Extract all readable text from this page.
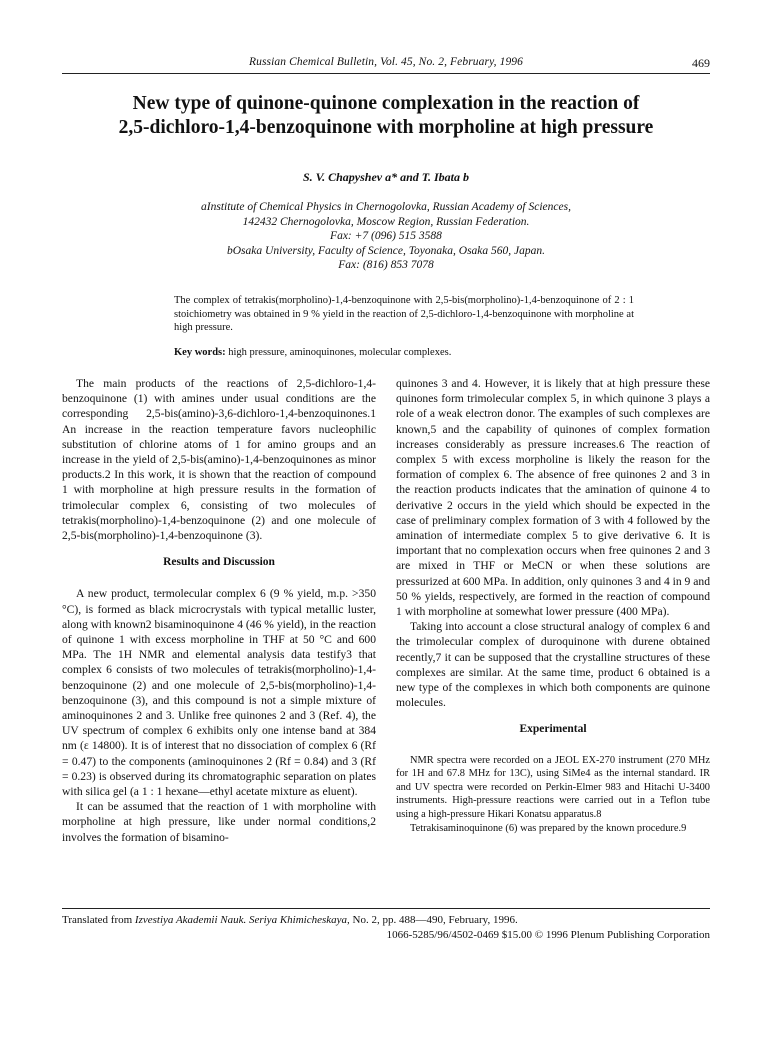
Russian Chemical Bulletin, Vol. 45, No. 2, February, 1996	469
New type of quinone-quinone complexation in the reaction of
2,5-dichloro-1,4-benzoquinone with morpholine at high pressure
S. V. Chapyshev a* and T. Ibata b
aInstitute of Chemical Physics in Chernogolovka, Russian Academy of Sciences,
142432 Chernogolovka, Moscow Region, Russian Federation.
Fax: +7 (096) 515 3588
bOsaka University, Faculty of Science, Toyonaka, Osaka 560, Japan.
Fax: (816) 853 7078
The complex of tetrakis(morpholino)-1,4-benzoquinone with 2,5-bis(morpholino)-1,4-benzoquinone of 2 : 1 stoichiometry was obtained in 9 % yield in the reaction of 2,5-dichloro-1,4-benzoquinone with morpholine at high pressure.
Key words: high pressure, aminoquinones, molecular complexes.

The main products of the reactions of 2,5-dichloro-1,4-benzoquinone (1) with amines under usual conditions are the corresponding 2,5-bis(amino)-3,6-dichloro-1,4-benzoquinones.1 An increase in the reaction temperature favors nucleophilic substitution of chlorine atoms of 1 for amino groups and an increase in the yield of 2,5-bis(amino)-1,4-benzoquinones as minor products.2 In this work, it is shown that the reaction of compound 1 with morpholine at high pressure results in the formation of trimolecular complex 6, consisting of two molecules of tetrakis(morpholino)-1,4-benzoquinone (2) and one molecule of 2,5-bis(morpholino)-1,4-benzoquinone (3).

Results and Discussion

A new product, termolecular complex 6 (9 % yield, m.p. >350 °C), is formed as black microcrystals with typical metallic luster, along with known2 bisaminoquinone 4 (46 % yield), in the reaction of quinone 1 with excess morpholine in THF at 50 °C and 600 MPa. The 1H NMR and elemental analysis data testify3 that complex 6 consists of two molecules of tetrakis(morpholino)-1,4-benzoquinone (2) and one molecule of 2,5-bis(morpholino)-1,4-benzoquinone (3), and this compound is not a simple mixture of aminoquinones 2 and 3. Unlike free quinones 2 and 3 (Ref. 4), the UV spectrum of complex 6 exhibits only one intense band at 384 nm (ε 14800). It is of interest that no dissociation of complex 6 (Rf = 0.47) to the components (aminoquinones 2 (Rf = 0.84) and 3 (Rf = 0.23) is observed during its chromatographic separation on plates with silica gel (a 1 : 1 hexane—ethyl acetate mixture as eluent).

It can be assumed that the reaction of 1 with morpholine with morpholine at high pressure, like under normal conditions,2 involves the formation of bisamino-

quinones 3 and 4. However, it is likely that at high pressure these quinones form trimolecular complex 5, in which quinone 3 plays a role of a weak electron donor. The examples of such complexes are known,5 and the capability of quinones of complex formation increases considerably as pressure increases.6 The reaction of complex 5 with excess morpholine is likely the reason for the formation of complex 6. The absence of free quinones 2 and 3 in the reaction products indicates that the amination of quinone 4 to derivative 2 occurs in the yield which should be expected in the case of preliminary complex formation of 3 with 4 followed by the amination of intermediate complex 5 to give derivative 6. It is important that no complexation occurs when free quinones 2 and 3 are mixed in THF or MeCN or when these solutions are pressurized at 600 MPa. In addition, only quinones 3 and 4 in 9 and 50 % yields, respectively, are formed in the reaction of compound 1 with morpholine at somewhat lower pressure (400 MPa).

Taking into account a close structural analogy of complex 6 and the trimolecular complex of duroquinone with durene obtained recently,7 it can be supposed that the crystalline structures of these complexes are similar. At the same time, product 6 obtained is a new type of the complexes in which both components are quinone molecules.

Experimental

NMR spectra were recorded on a JEOL EX-270 instrument (270 MHz for 1H and 67.8 MHz for 13C), using SiMe4 as the internal standard. IR and UV spectra were recorded on Perkin-Elmer 983 and Hitachi U-3400 instruments. High-pressure reactions were carried out in a Teflon tube using a high-pressure Hikari Konatsu apparatus.8

Tetrakisaminoquinone (6) was prepared by the known procedure.9

Translated from Izvestiya Akademii Nauk. Seriya Khimicheskaya, No. 2, pp. 488—490, February, 1996.
1066-5285/96/4502-0469 $15.00 © 1996 Plenum Publishing Corporation
